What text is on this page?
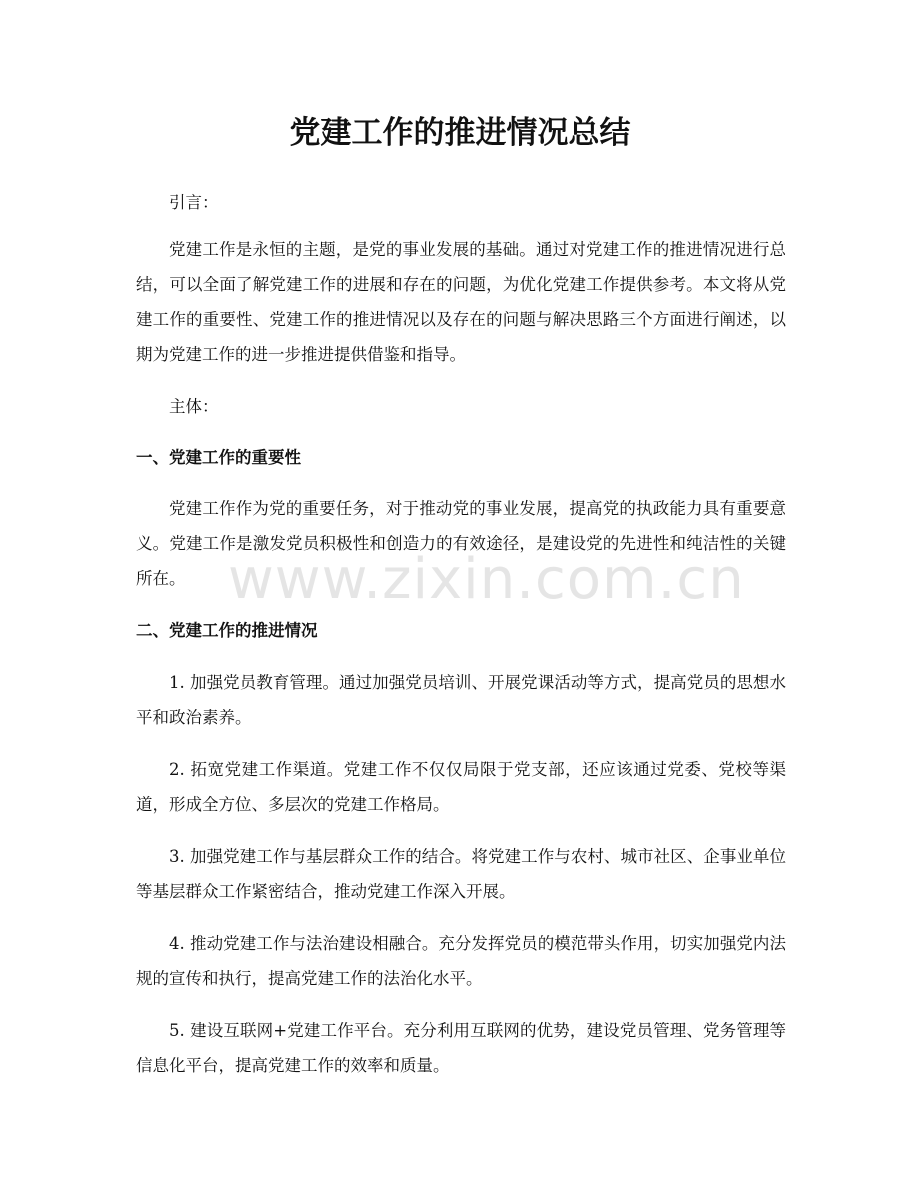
党建工作的推进情况总结

引言：

党建工作是永恒的主题，是党的事业发展的基础。通过对党建工作的推进情况进行总结，可以全面了解党建工作的进展和存在的问题，为优化党建工作提供参考。本文将从党建工作的重要性、党建工作的推进情况以及存在的问题与解决思路三个方面进行阐述，以期为党建工作的进一步推进提供借鉴和指导。

主体：

一、党建工作的重要性

党建工作作为党的重要任务，对于推动党的事业发展，提高党的执政能力具有重要意义。党建工作是激发党员积极性和创造力的有效途径，是建设党的先进性和纯洁性的关键所在。

二、党建工作的推进情况

1. 加强党员教育管理。通过加强党员培训、开展党课活动等方式，提高党员的思想水平和政治素养。

2. 拓宽党建工作渠道。党建工作不仅仅局限于党支部，还应该通过党委、党校等渠道，形成全方位、多层次的党建工作格局。

3. 加强党建工作与基层群众工作的结合。将党建工作与农村、城市社区、企事业单位等基层群众工作紧密结合，推动党建工作深入开展。

4. 推动党建工作与法治建设相融合。充分发挥党员的模范带头作用，切实加强党内法规的宣传和执行，提高党建工作的法治化水平。

5. 建设互联网+党建工作平台。充分利用互联网的优势，建设党员管理、党务管理等信息化平台，提高党建工作的效率和质量。

www.zixin.com.cn
